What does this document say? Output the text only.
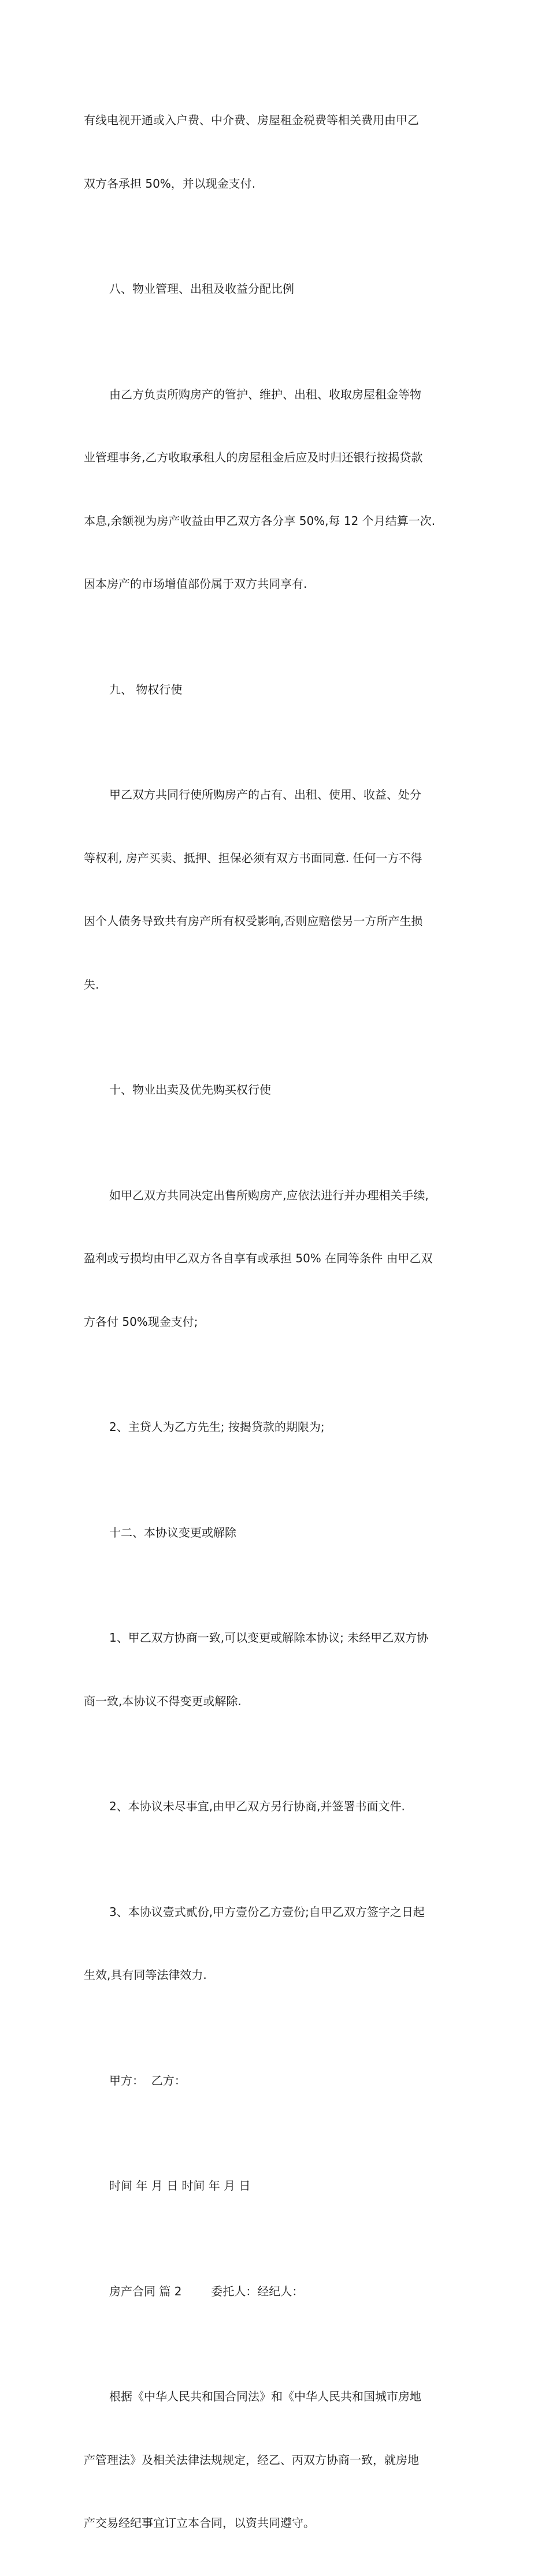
有线电视开通或入户费、中介费、房屋租金税费等相关费用由甲乙

双方各承担 50%，并以现金支付.

八、物业管理、出租及收益分配比例

由乙方负责所购房产的管护、维护、出租、收取房屋租金等物

业管理事务,乙方收取承租人的房屋租金后应及时归还银行按揭贷款

本息,余额视为房产收益由甲乙双方各分享 50%,每 12 个月结算一次.

因本房产的市场增值部份属于双方共同享有.

九、 物权行使

甲乙双方共同行使所购房产的占有、出租、使用、收益、处分

等权利, 房产买卖、抵押、担保必须有双方书面同意. 任何一方不得

因个人债务导致共有房产所有权受影响,否则应赔偿另一方所产生损

失.

十、物业出卖及优先购买权行使

如甲乙双方共同决定出售所购房产,应依法进行并办理相关手续,

盈利或亏损均由甲乙双方各自享有或承担 50% 在同等条件 由甲乙双

方各付 50%现金支付;

2、主贷人为乙方先生; 按揭贷款的期限为;

十二、本协议变更或解除

1、甲乙双方协商一致,可以变更或解除本协议; 未经甲乙双方协

商一致,本协议不得变更或解除.

2、本协议未尽事宜,由甲乙双方另行协商,并签署书面文件.

3、本协议壹式贰份,甲方壹份乙方壹份;自甲乙双方签字之日起

生效,具有同等法律效力.

甲方：  乙方：

时间 年 月 日 时间 年 月 日

房产合同 篇 2        委托人：经纪人：

根据《中华人民共和国合同法》和《中华人民共和国城市房地

产管理法》及相关法律法规规定，经乙、丙双方协商一致，就房地

产交易经纪事宜订立本合同，以资共同遵守。
